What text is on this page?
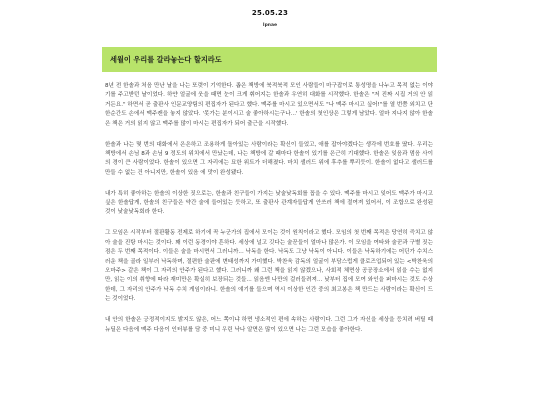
25.05.23
Ipnae
세월이 우리를 갈라놓는다 할지라도

8년 전 한솔과 처음 만난 날을 나는 또렷이 기억한다. 좁은 책방에 북적북적 모인 사람들이 마구잡이로 통성명을 나누고 목적 없는 이야기를 주고받던 날이었다. 하얀 얼굴에 웃을 때면 눈이 크게 휘어지는 한솔과 우연히 대화를 시작했다. 한솔은 "저 진짜 시집 거의 안 읽거든요." 하면서 곧 출판사 인문교양팀의 편집자가 된다고 했다. 맥주를 마시고 있으면서도 "나 맥주 마시고 싶어!"를 열 번쯤 외치고 단 한순간도 손에서 맥주캔을 놓지 않았다. '못가는 분이시고 술 좋아하시는구나...' 한솔의 첫인상은 그렇게 남았다. 얼마 지나지 않아 한솔은 책은 거의 읽지 않고 맥주를 많이 마시는 편집자가 되어 출근을 시작했다.

한솔과 나는 몇 번의 대화에서 은은하고 조용하게 돌아있는 사람이라는 확신이 들었고, 애를 잡아야겠다는 생각에 번호를 땄다. 우리는 책방에서 손님 8과 손님 9 정도의 위치에서 만났는데, 나는 책방에 갈 때마다 한솔이 있기를 은근히 기대했다. 한솔은 잊음과 멈음 사이의 경이 큰 사람이었다. 한솔이 있으면 그 자리에는 묘한 위트가 더해졌다. 마치 샐러드 위에 후추를 뿌리듯이. 한솔이 없다고 샐러드를 만들 수 없는 건 아니지만, 한솔이 있음 에 맛이 완성됐다.

내가 특히 좋아하는 한솔의 이상한 짓으로는, 한솔과 친구들이 가지는 낮술낮독회를 꼽을 수 있다. 맥주를 마시고 잊어도 맥주가 마시고 싶은 한솔답게, 한솔의 친구들은 약간 술에 들어있는 듯하고, 또 출판사 관계자들답게 안쓰러 책에 절여져 있어서, 이 조합으로 완성된 것이 낮술낮독회라 한다.

그 모임은 시작부터 절판활동 전제로 하기에 꼭 누군가의 집에서 모이는 것이 원칙이라고 했다. 모임의 첫 번째 목적은 당연히 즉치고 않아 술을 진탕 마시는 것이다. 꽤 이런 동경이야 흔하다. 세상에 널고 깃다는 술꾼들이 얼마나 많은가. 이 모임을 여타와 술꾼과 구별 짓는 점은 두 번째 목적이다. 이들은 술을 마시면서 그러니까... 낙독을 한다. 낙독도 그냥 낙독이 아니다. 이들은 낙독하기에는 어딘가 수치스러운 책을 골라 일부러 낙독하며, 절편한 술판에 변태성까지 가미했다. 박찬욱 감독의 얼굴이 부담스럽게 클로즈업되어 있는 <박찬욱의 오마주> 같은 책이 그 자리의 안주가 된다고 했다. 그러니까 왜 그런 책을 읽지 않겠으나, 사회적 체면상 공공장소에서 읽을 수는 없지만, 읽는 이의 취향에 따라 재미만은 확실히 보장되는 것들... 읽음엔 나만의 걸러들려져... 낮부터 집에 모여 와인을 퍼마시는 것도 수상한데, 그 자리의 안주가 낙독 수치 게임이라니. 한솔의 얘기를 들으며 역시 이상한 인간 중의 최고봉은 책 만드는 사람이라는 확신이 드는 것이었다.

내 안의 한솔은 긍정적이지도 밝지도 않은, 어느 쪽이냐 하면 냉소적인 편에 속하는 사람이다. 그런 그가 자신을 세상을 등치려 버틸 때 뉴딜은 다음에 맥주 다음이 인터뷰를 담 중 미니 우린 낙나 알면은 많이 있으면 나는 그런 모습을 좋아한다.
